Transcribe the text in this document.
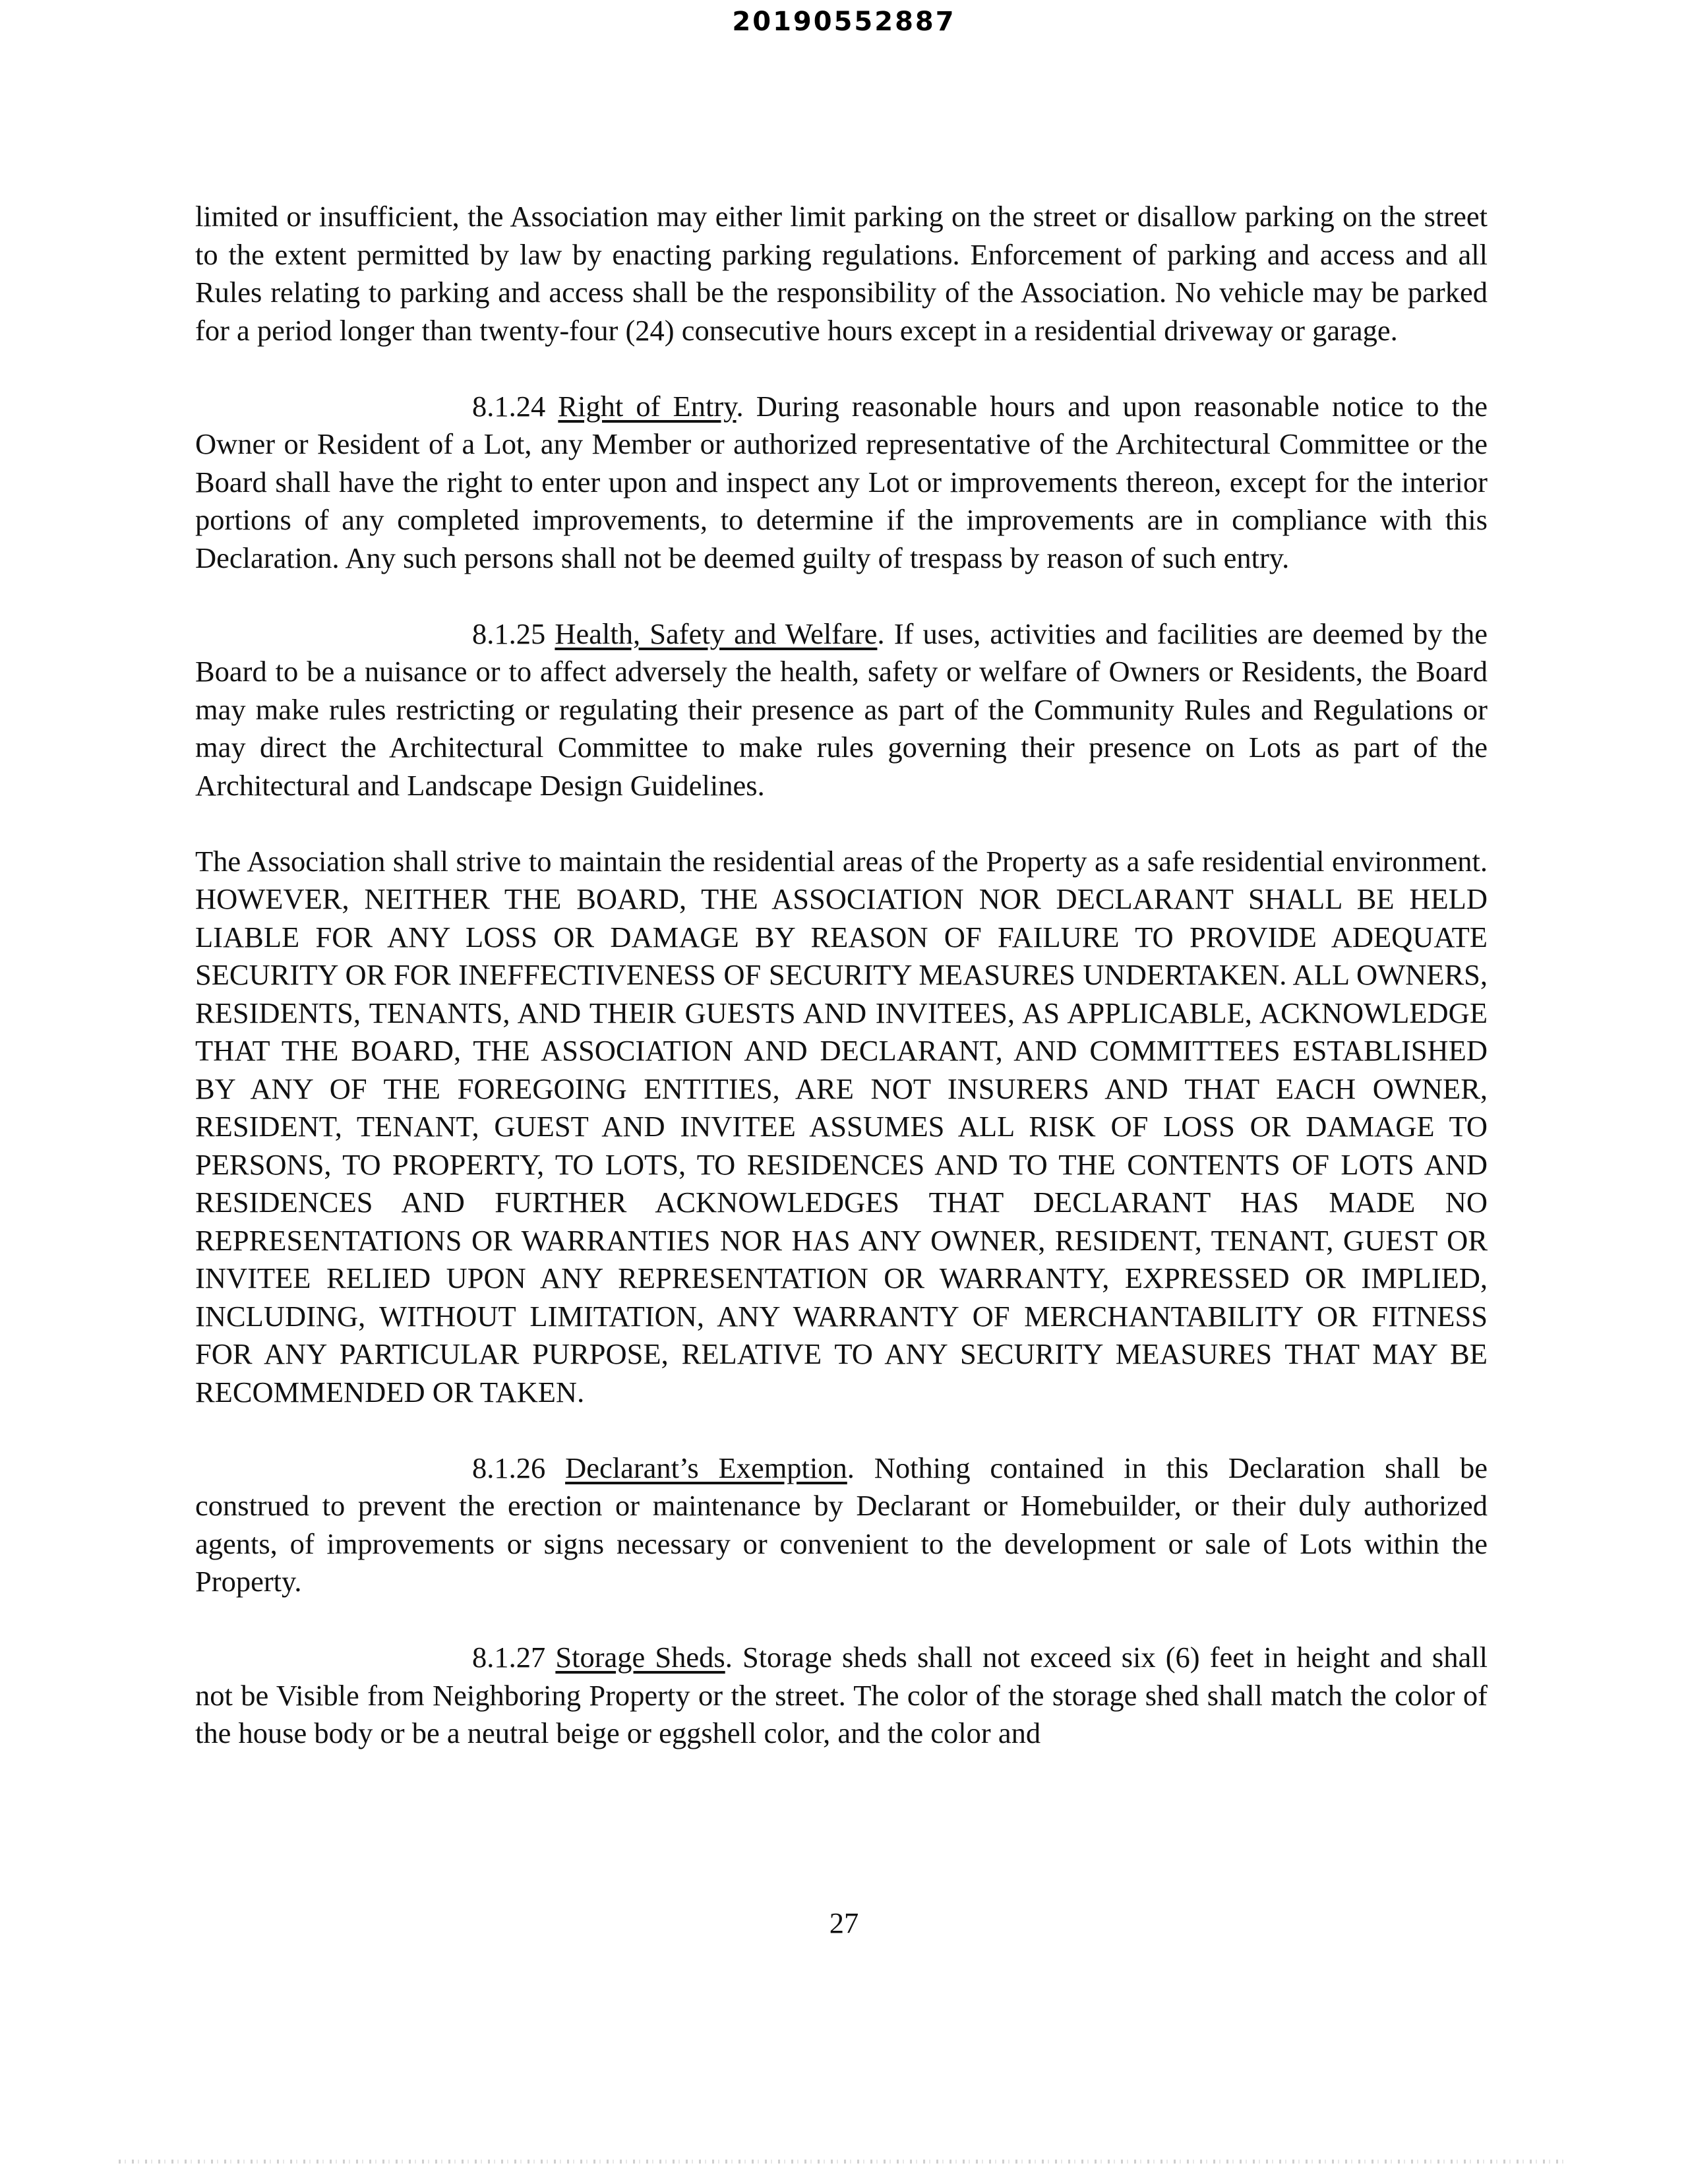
20190552887

limited or insufficient, the Association may either limit parking on the street or disallow parking on the street to the extent permitted by law by enacting parking regulations. Enforcement of parking and access and all Rules relating to parking and access shall be the responsibility of the Association. No vehicle may be parked for a period longer than twenty-four (24) consecutive hours except in a residential driveway or garage.

8.1.24 Right of Entry. During reasonable hours and upon reasonable notice to the Owner or Resident of a Lot, any Member or authorized representative of the Architectural Committee or the Board shall have the right to enter upon and inspect any Lot or improvements thereon, except for the interior portions of any completed improvements, to determine if the improvements are in compliance with this Declaration. Any such persons shall not be deemed guilty of trespass by reason of such entry.

8.1.25 Health, Safety and Welfare. If uses, activities and facilities are deemed by the Board to be a nuisance or to affect adversely the health, safety or welfare of Owners or Residents, the Board may make rules restricting or regulating their presence as part of the Community Rules and Regulations or may direct the Architectural Committee to make rules governing their presence on Lots as part of the Architectural and Landscape Design Guidelines.

The Association shall strive to maintain the residential areas of the Property as a safe residential environment. HOWEVER, NEITHER THE BOARD, THE ASSOCIATION NOR DECLARANT SHALL BE HELD LIABLE FOR ANY LOSS OR DAMAGE BY REASON OF FAILURE TO PROVIDE ADEQUATE SECURITY OR FOR INEFFECTIVENESS OF SECURITY MEASURES UNDERTAKEN. ALL OWNERS, RESIDENTS, TENANTS, AND THEIR GUESTS AND INVITEES, AS APPLICABLE, ACKNOWLEDGE THAT THE BOARD, THE ASSOCIATION AND DECLARANT, AND COMMITTEES ESTABLISHED BY ANY OF THE FOREGOING ENTITIES, ARE NOT INSURERS AND THAT EACH OWNER, RESIDENT, TENANT, GUEST AND INVITEE ASSUMES ALL RISK OF LOSS OR DAMAGE TO PERSONS, TO PROPERTY, TO LOTS, TO RESIDENCES AND TO THE CONTENTS OF LOTS AND RESIDENCES AND FURTHER ACKNOWLEDGES THAT DECLARANT HAS MADE NO REPRESENTATIONS OR WARRANTIES NOR HAS ANY OWNER, RESIDENT, TENANT, GUEST OR INVITEE RELIED UPON ANY REPRESENTATION OR WARRANTY, EXPRESSED OR IMPLIED, INCLUDING, WITHOUT LIMITATION, ANY WARRANTY OF MERCHANTABILITY OR FITNESS FOR ANY PARTICULAR PURPOSE, RELATIVE TO ANY SECURITY MEASURES THAT MAY BE RECOMMENDED OR TAKEN.

8.1.26 Declarant’s Exemption. Nothing contained in this Declaration shall be construed to prevent the erection or maintenance by Declarant or Homebuilder, or their duly authorized agents, of improvements or signs necessary or convenient to the development or sale of Lots within the Property.

8.1.27 Storage Sheds. Storage sheds shall not exceed six (6) feet in height and shall not be Visible from Neighboring Property or the street. The color of the storage shed shall match the color of the house body or be a neutral beige or eggshell color, and the color and

27
